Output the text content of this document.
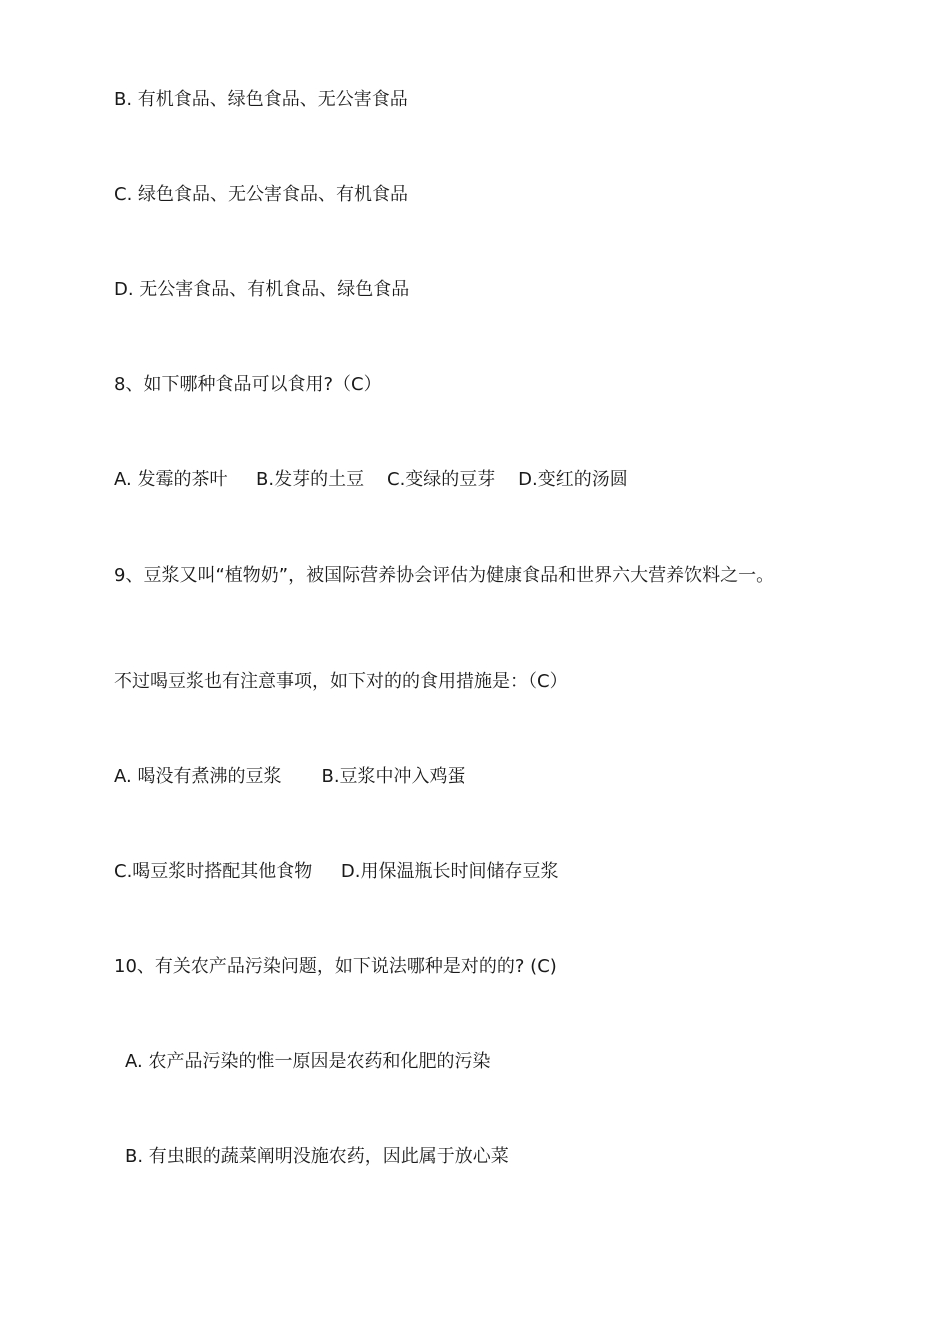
B. 有机食品、绿色食品、无公害食品
C. 绿色食品、无公害食品、有机食品
D. 无公害食品、有机食品、绿色食品
8、如下哪种食品可以食用?（C）
A. 发霉的茶叶     B.发芽的土豆    C.变绿的豆芽    D.变红的汤圆
9、豆浆又叫“植物奶”，被国际营养协会评估为健康食品和世界六大营养饮料之一。
不过喝豆浆也有注意事项，如下对的的食用措施是：（C）
A. 喝没有煮沸的豆浆       B.豆浆中冲入鸡蛋
C.喝豆浆时搭配其他食物     D.用保温瓶长时间储存豆浆
10、有关农产品污染问题，如下说法哪种是对的的? (C)
A. 农产品污染的惟一原因是农药和化肥的污染
B. 有虫眼的蔬菜阐明没施农药，因此属于放心菜
